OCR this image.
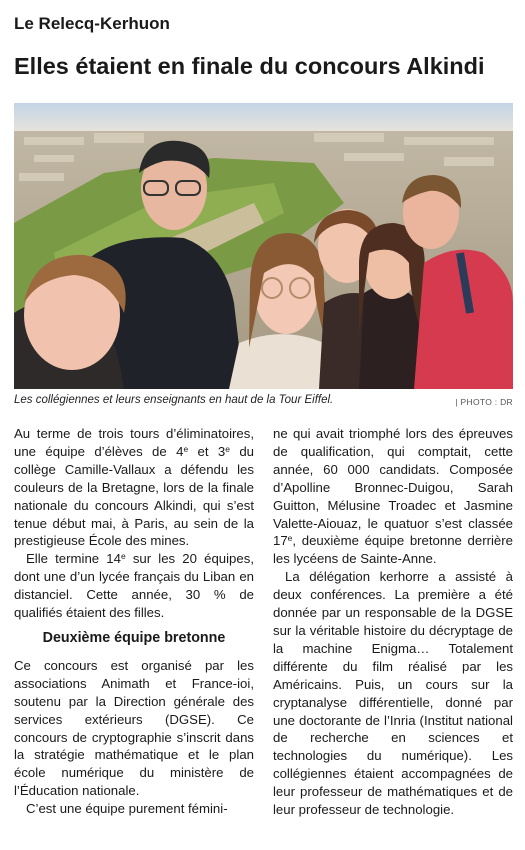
Le Relecq-Kerhuon
Elles étaient en finale du concours Alkindi
Les collégiennes et leurs enseignants en haut de la Tour Eiffel.	| PHOTO : DR

Au terme de trois tours d’éliminatoires, une équipe d’élèves de 4e et 3e du collège Camille-Vallaux a défendu les couleurs de la Bretagne, lors de la finale nationale du concours Alkindi, qui s’est tenue début mai, à Paris, au sein de la prestigieuse École des mines.

Elle termine 14e sur les 20 équipes, dont une d’un lycée français du Liban en distanciel. Cette année, 30 % de qualifiés étaient des filles.

Deuxième équipe bretonne

Ce concours est organisé par les associations Animath et France-ioi, soutenu par la Direction générale des services extérieurs (DGSE). Ce concours de cryptographie s’inscrit dans la stratégie mathématique et le plan école numérique du ministère de l’Éducation nationale.

C’est une équipe purement fémini-

ne qui avait triomphé lors des épreuves de qualification, qui comptait, cette année, 60 000 candidats. Composée d’Apolline Bronnec-Duigou, Sarah Guitton, Mélusine Troadec et Jasmine Valette-Aiouaz, le quatuor s’est classée 17e, deuxième équipe bretonne derrière les lycéens de Sainte-Anne.

La délégation kerhorre a assisté à deux conférences. La première a été donnée par un responsable de la DGSE sur la véritable histoire du décryptage de la machine Enigma… Totalement différente du film réalisé par les Américains. Puis, un cours sur la cryptanalyse différentielle, donné par une doctorante de l’Inria (Institut national de recherche en sciences et technologies du numérique). Les collégiennes étaient accompagnées de leur professeur de mathématiques et de leur professeur de technologie.
